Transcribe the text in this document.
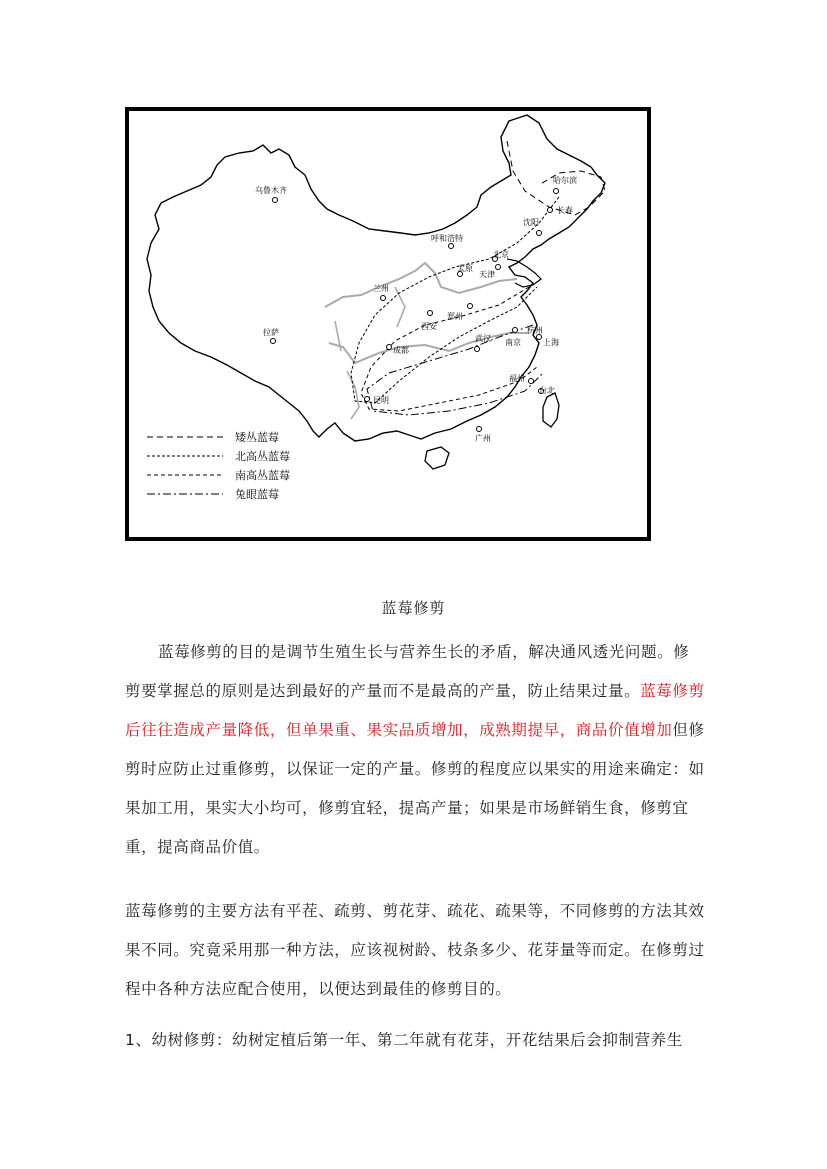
乌鲁木齐
哈尔滨
长春
沈阳
呼和浩特
北京
太原
天津
兰州
郑州
西安
拉萨
成都
武汉 南京	上海
杭州
福州
台北
昆明
广州
矮丛蓝莓
北高丛蓝莓
南高丛蓝莓
兔眼蓝莓
蓝莓修剪

蓝莓修剪的目的是调节生殖生长与营养生长的矛盾，解决通风透光问题。修剪要掌握总的原则是达到最好的产量而不是最高的产量，防止结果过量。蓝莓修剪后往往造成产量降低，但单果重、果实品质增加，成熟期提早，商品价值增加但修剪时应防止过重修剪，以保证一定的产量。修剪的程度应以果实的用途来确定：如果加工用，果实大小均可，修剪宜轻，提高产量；如果是市场鲜销生食，修剪宜重，提高商品价值。

蓝莓修剪的主要方法有平茬、疏剪、剪花芽、疏花、疏果等，不同修剪的方法其效果不同。究竟采用那一种方法，应该视树龄、枝条多少、花芽量等而定。在修剪过程中各种方法应配合使用，以便达到最佳的修剪目的。

1、幼树修剪：幼树定植后第一年、第二年就有花芽，开花结果后会抑制营养生
